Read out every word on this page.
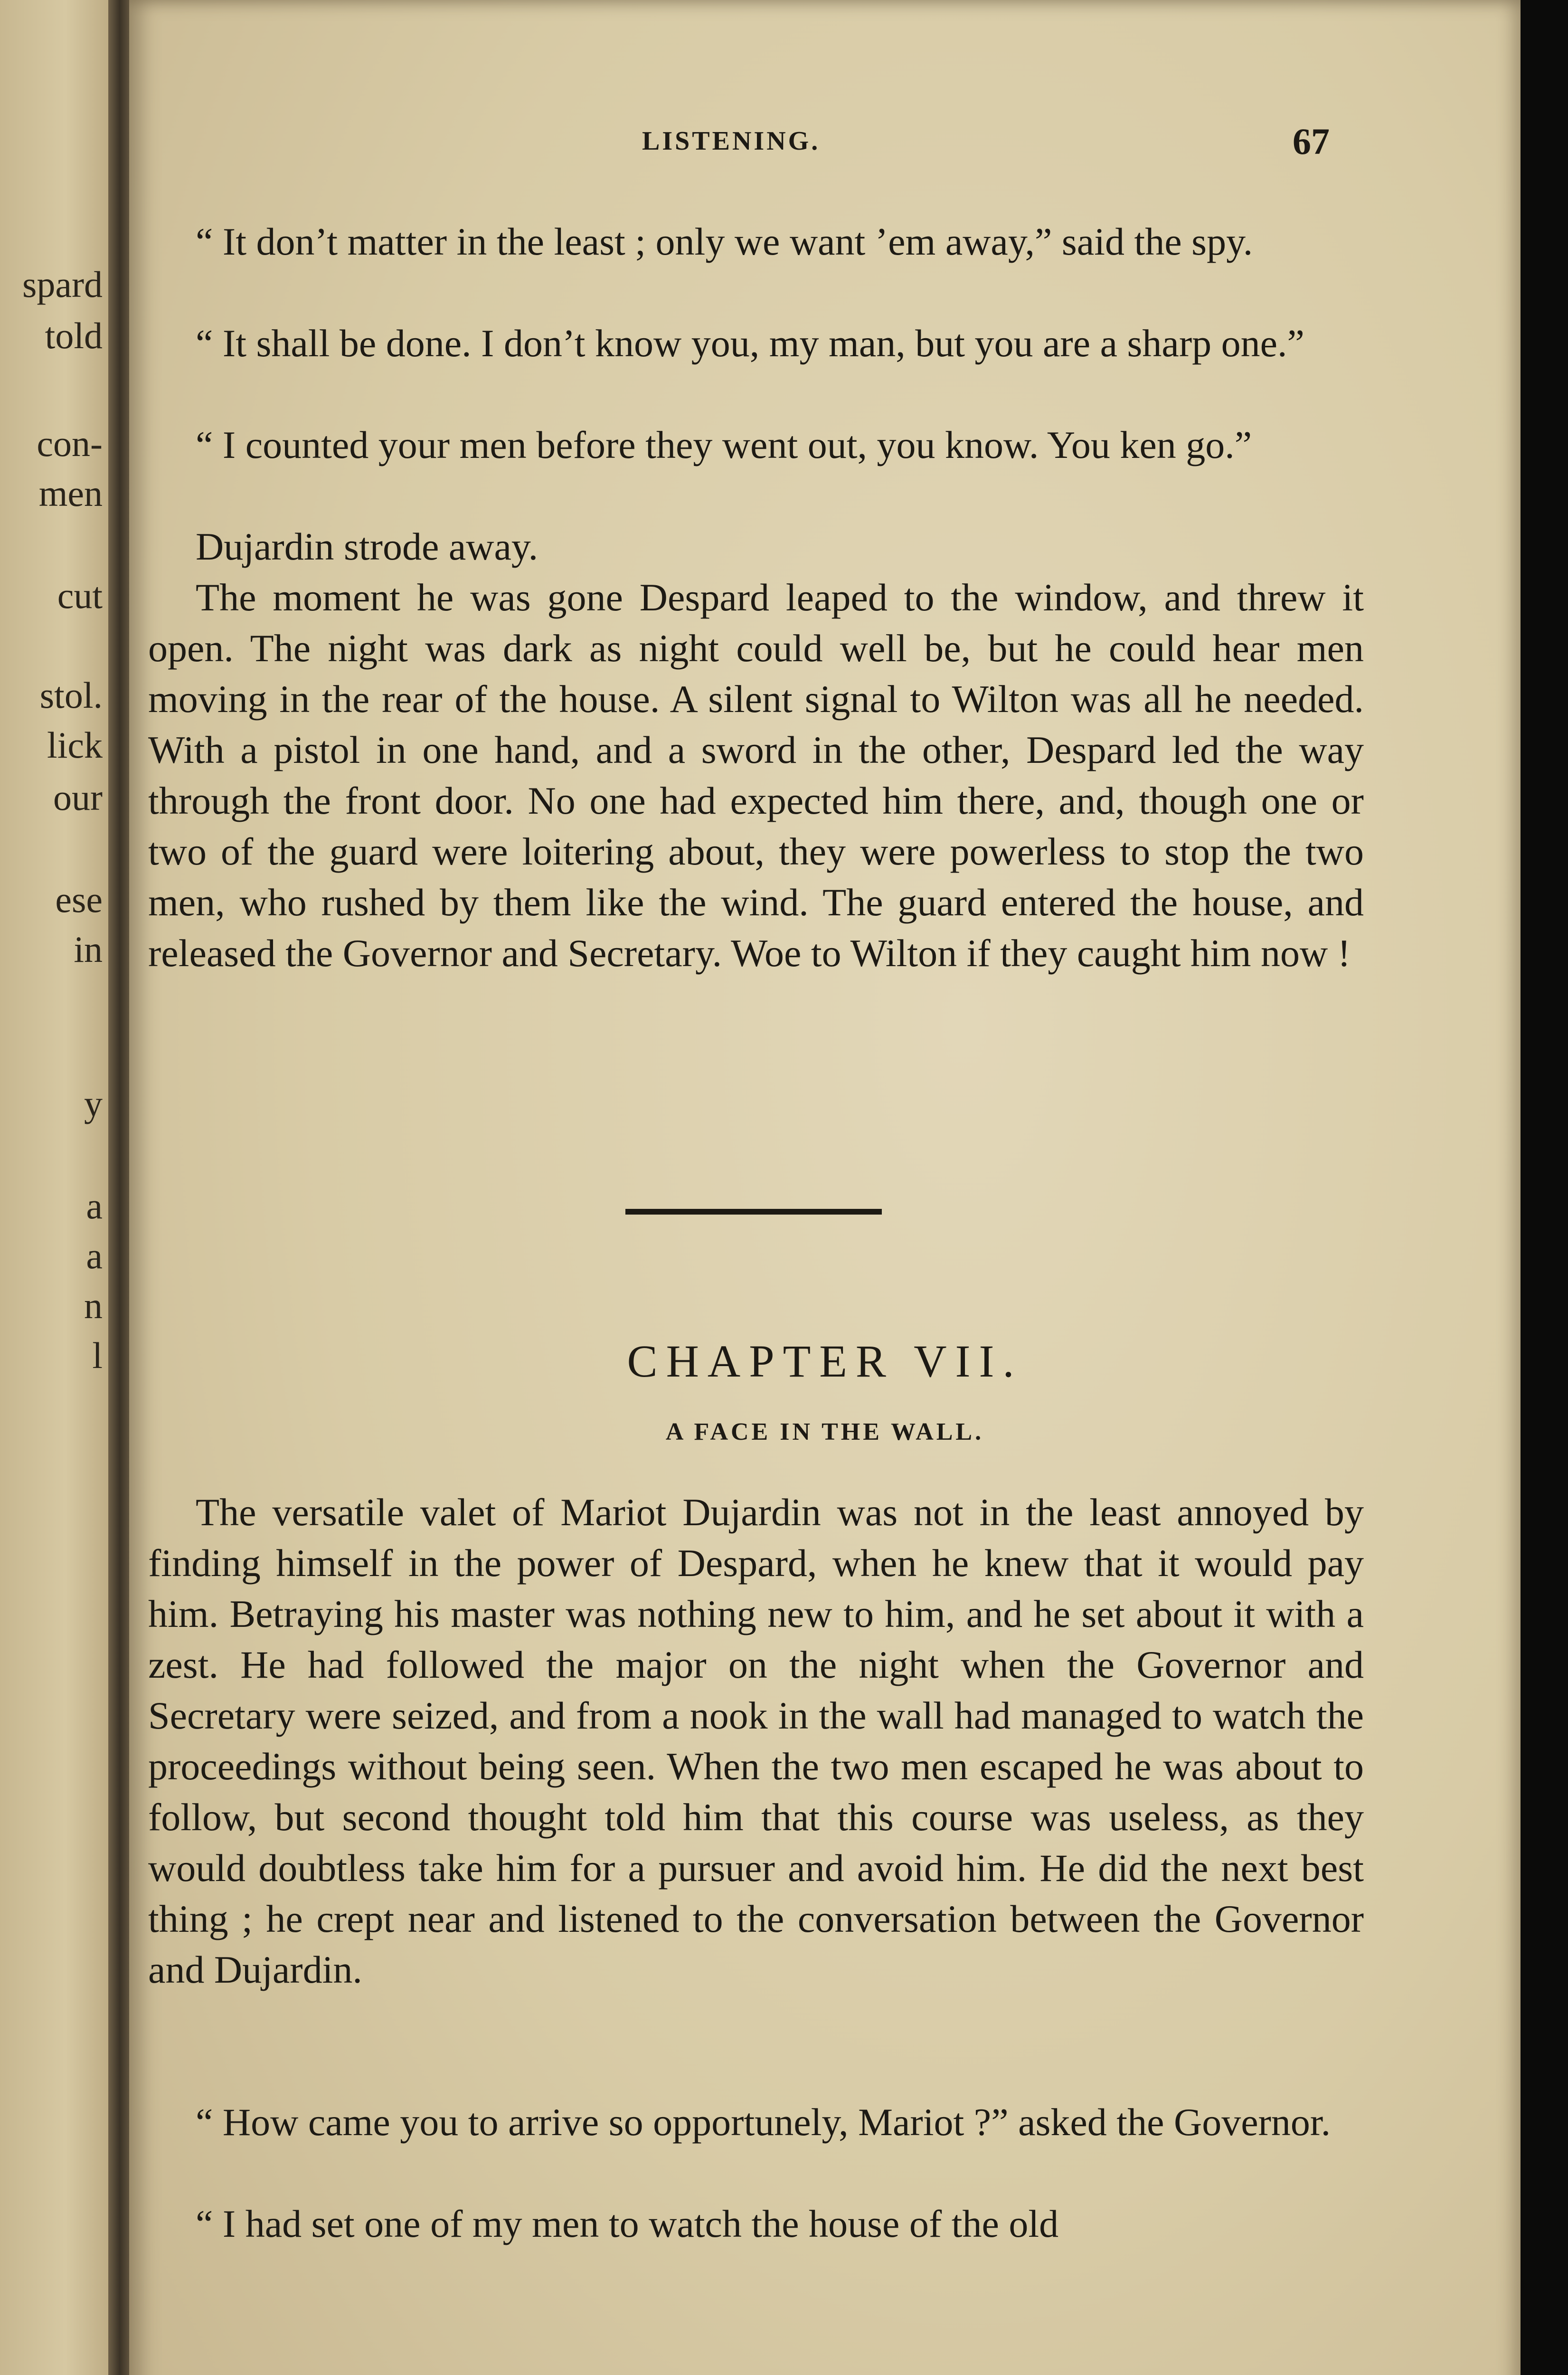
spard
told
con-
men
cut
stol.
lick
our
ese
in
y
a
a
n
l
LISTENING.	67

“ It don’t matter in the least ; only we want ’em away,” said the spy.

“ It shall be done. I don’t know you, my man, but you are a sharp one.”

“ I counted your men before they went out, you know. You ken go.”

Dujardin strode away.

The moment he was gone Despard leaped to the window, and threw it open. The night was dark as night could well be, but he could hear men moving in the rear of the house. A silent signal to Wilton was all he needed. With a pistol in one hand, and a sword in the other, Despard led the way through the front door. No one had expected him there, and, though one or two of the guard were loitering about, they were powerless to stop the two men, who rushed by them like the wind. The guard entered the house, and released the Governor and Secretary. Woe to Wilton if they caught him now !

CHAPTER VII.
A FACE IN THE WALL.

The versatile valet of Mariot Dujardin was not in the least annoyed by finding himself in the power of Despard, when he knew that it would pay him. Betraying his master was nothing new to him, and he set about it with a zest. He had followed the major on the night when the Governor and Secretary were seized, and from a nook in the wall had managed to watch the proceedings without being seen. When the two men escaped he was about to follow, but second thought told him that this course was useless, as they would doubtless take him for a pursuer and avoid him. He did the next best thing ; he crept near and listened to the conversation between the Governor and Dujardin.

“ How came you to arrive so opportunely, Mariot ?” asked the Governor.

“ I had set one of my men to watch the house of the old
